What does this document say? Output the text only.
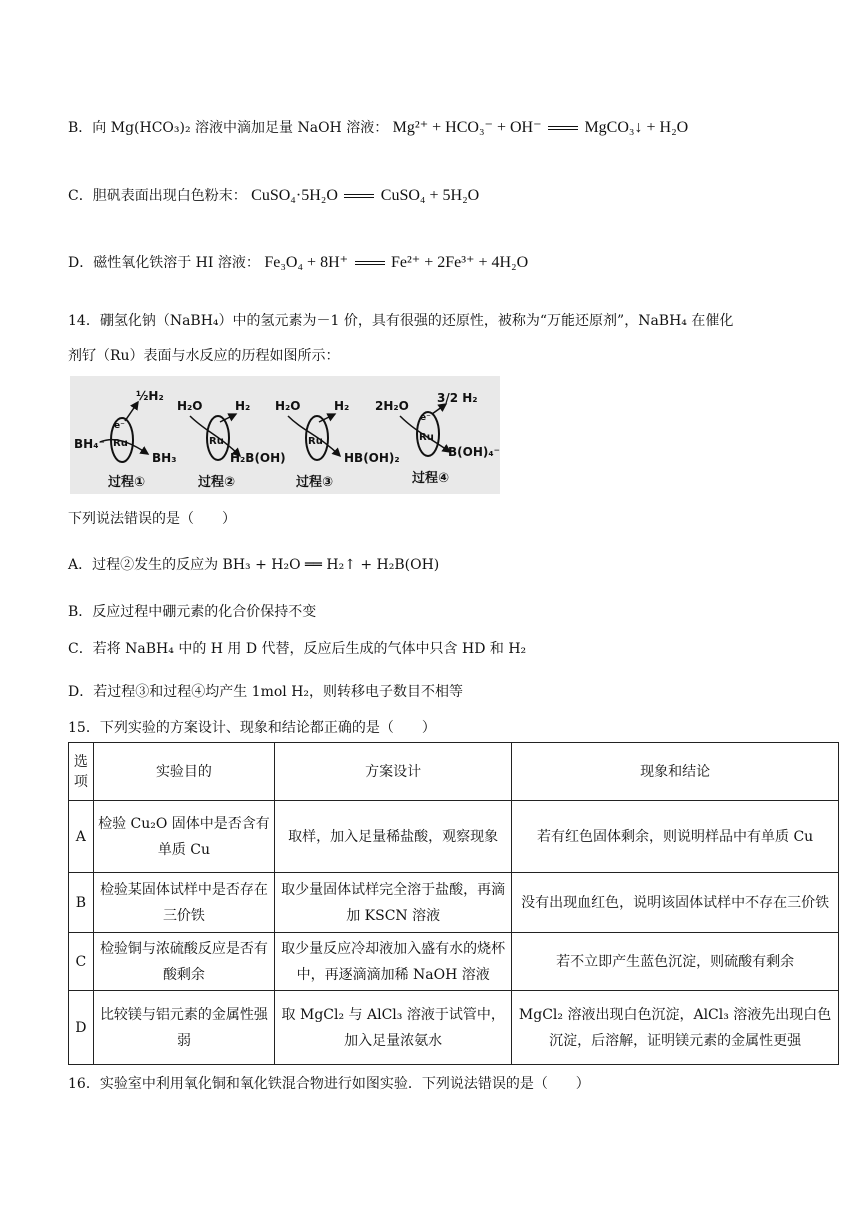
B．向 Mg(HCO₃)₂ 溶液中滴加足量 NaOH 溶液： Mg²⁺ + HCO₃⁻ + OH⁻	MgCO₃↓ + H₂O
C．胆矾表面出现白色粉末： CuSO₄·5H₂O	CuSO₄ + 5H₂O
D．磁性氧化铁溶于 HI 溶液： Fe₃O₄ + 8H⁺	Fe²⁺ + 2Fe³⁺ + 4H₂O
14．硼氢化钠（NaBH₄）中的氢元素为－1 价，具有很强的还原性，被称为“万能还原剂”，NaBH₄ 在催化
剂钌（Ru）表面与水反应的历程如图所示：
BH₄⁻ Ru
e⁻
½H₂
BH₃
过程①
Ru
H₂O	H₂
H₂B(OH)
过程②
Ru
H₂O	H₂
HB(OH)₂
过程③
Ru
e⁻
2H₂O
3/2 H₂
B(OH)₄⁻
过程④
下列说法错误的是（　　）
A．过程②发生的反应为 BH₃ + H₂O ══ H₂↑ + H₂B(OH)
B．反应过程中硼元素的化合价保持不变
C．若将 NaBH₄ 中的 H 用 D 代替，反应后生成的气体中只含 HD 和 H₂
D．若过程③和过程④均产生 1mol H₂，则转移电子数目不相等
15．下列实验的方案设计、现象和结论都正确的是（　　）
选项	实验目的	方案设计	现象和结论
A	检验 Cu₂O 固体中是否含有单质 Cu	取样，加入足量稀盐酸，观察现象	若有红色固体剩余，则说明样品中有单质 Cu
B	检验某固体试样中是否存在三价铁	取少量固体试样完全溶于盐酸，再滴加 KSCN 溶液	没有出现血红色，说明该固体试样中不存在三价铁
C	检验铜与浓硫酸反应是否有酸剩余	取少量反应冷却液加入盛有水的烧杯中，再逐滴滴加稀 NaOH 溶液	若不立即产生蓝色沉淀，则硫酸有剩余
D	比较镁与铝元素的金属性强弱	取 MgCl₂ 与 AlCl₃ 溶液于试管中，加入足量浓氨水	MgCl₂ 溶液出现白色沉淀，AlCl₃ 溶液先出现白色沉淀，后溶解，证明镁元素的金属性更强
16．实验室中利用氧化铜和氧化铁混合物进行如图实验．下列说法错误的是（　　）
